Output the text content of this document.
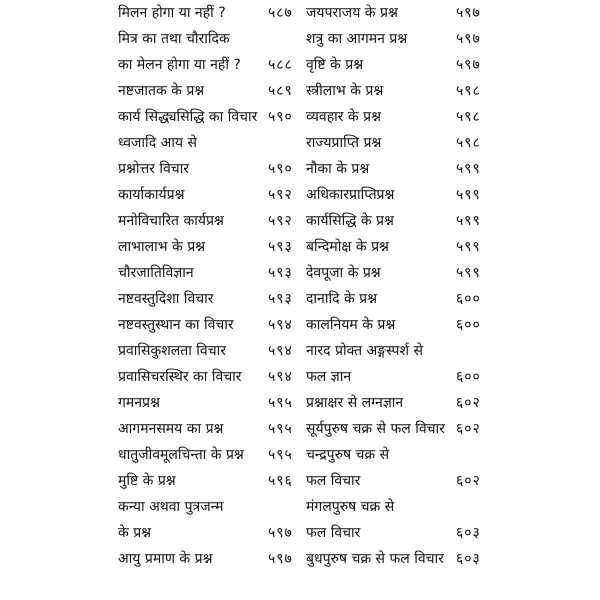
मिलन होगा या नहीं ?	५८७ जयपराजय के प्रश्न	५९७
मित्र का तथा चौरादिक	शत्रु का आगमन प्रश्न	५९७
का मेलन होगा या नहीं ?	५८८ वृष्टि के प्रश्न	५९७
नष्टजातक के प्रश्न	५८९ स्त्रीलाभ के प्रश्न	५९८
कार्य सिद्ध्यसिद्धि का विचार ५९० व्यवहार के प्रश्न	५९८
ध्वजादि आय से	राज्यप्राप्ति प्रश्न	५९८
प्रश्नोत्तर विचार	५९० नौका के प्रश्न	५९९
कार्याकार्यप्रश्न	५९२ अधिकारप्राप्तिप्रश्न	५९९
मनोविचारित कार्यप्रश्न	५९२ कार्यसिद्धि के प्रश्न	५९९
लाभालाभ के प्रश्न	५९३ बन्दिमोक्ष के प्रश्न	५९९
चौरजातिविज्ञान	५९३ देवपूजा के प्रश्न	५९९
नष्टवस्तुदिशा विचार	५९३ दानादि के प्रश्न	६००
नष्टवस्तुस्थान का विचार	५९४ कालनियम के प्रश्न	६००
प्रवासिकुशलता विचार	५९४ नारद प्रोक्त अङ्गस्पर्श से
प्रवासिचरस्थिर का विचार	५९४ फल ज्ञान	६००
गमनप्रश्न	५९५ प्रश्नाक्षर से लग्नज्ञान	६०२
आगमनसमय का प्रश्न	५९५ सूर्यपुरुष चक्र से फल विचार ६०२
धातुजीवमूलचिन्ता के प्रश्न	५९५ चन्द्रपुरुष चक्र से
मुष्टि के प्रश्न	५९६ फल विचार	६०२
कन्या अथवा पुत्रजन्म	मंगलपुरुष चक्र से
के प्रश्न	५९७ फल विचार	६०३
आयु प्रमाण के प्रश्न	५९७ बुधपुरुष चक्र से फल विचार ६०३
